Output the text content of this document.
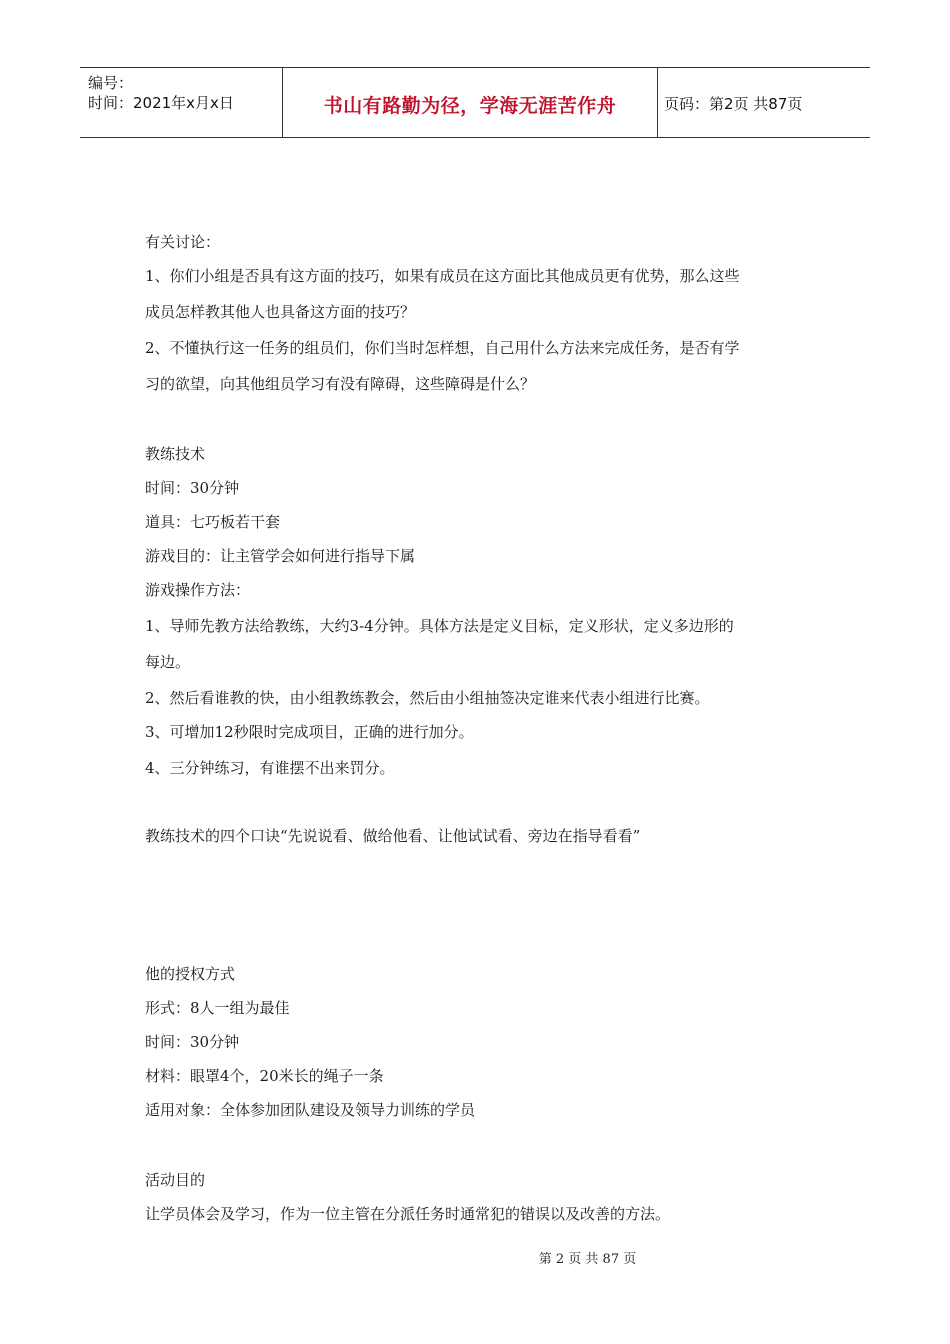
编号：
时间：2021年x月x日	书山有路勤为径，学海无涯苦作舟	页码：第2页 共87页
有关讨论：
1、你们小组是否具有这方面的技巧，如果有成员在这方面比其他成员更有优势，那么这些
成员怎样教其他人也具备这方面的技巧？
2、不懂执行这一任务的组员们，你们当时怎样想，自己用什么方法来完成任务，是否有学
习的欲望，向其他组员学习有没有障碍，这些障碍是什么？
教练技术
时间：30分钟
道具：七巧板若干套
游戏目的：让主管学会如何进行指导下属
游戏操作方法：
1、导师先教方法给教练，大约3-4分钟。具体方法是定义目标，定义形状，定义多边形的
每边。
2、然后看谁教的快，由小组教练教会，然后由小组抽签决定谁来代表小组进行比赛。
3、可增加12秒限时完成项目，正确的进行加分。
4、三分钟练习，有谁摆不出来罚分。
教练技术的四个口诀“先说说看、做给他看、让他试试看、旁边在指导看看”
他的授权方式
形式：8人一组为最佳
时间：30分钟
材料：眼罩4个，20米长的绳子一条
适用对象：全体参加团队建设及领导力训练的学员
活动目的
让学员体会及学习，作为一位主管在分派任务时通常犯的错误以及改善的方法。
第 2 页 共 87 页
